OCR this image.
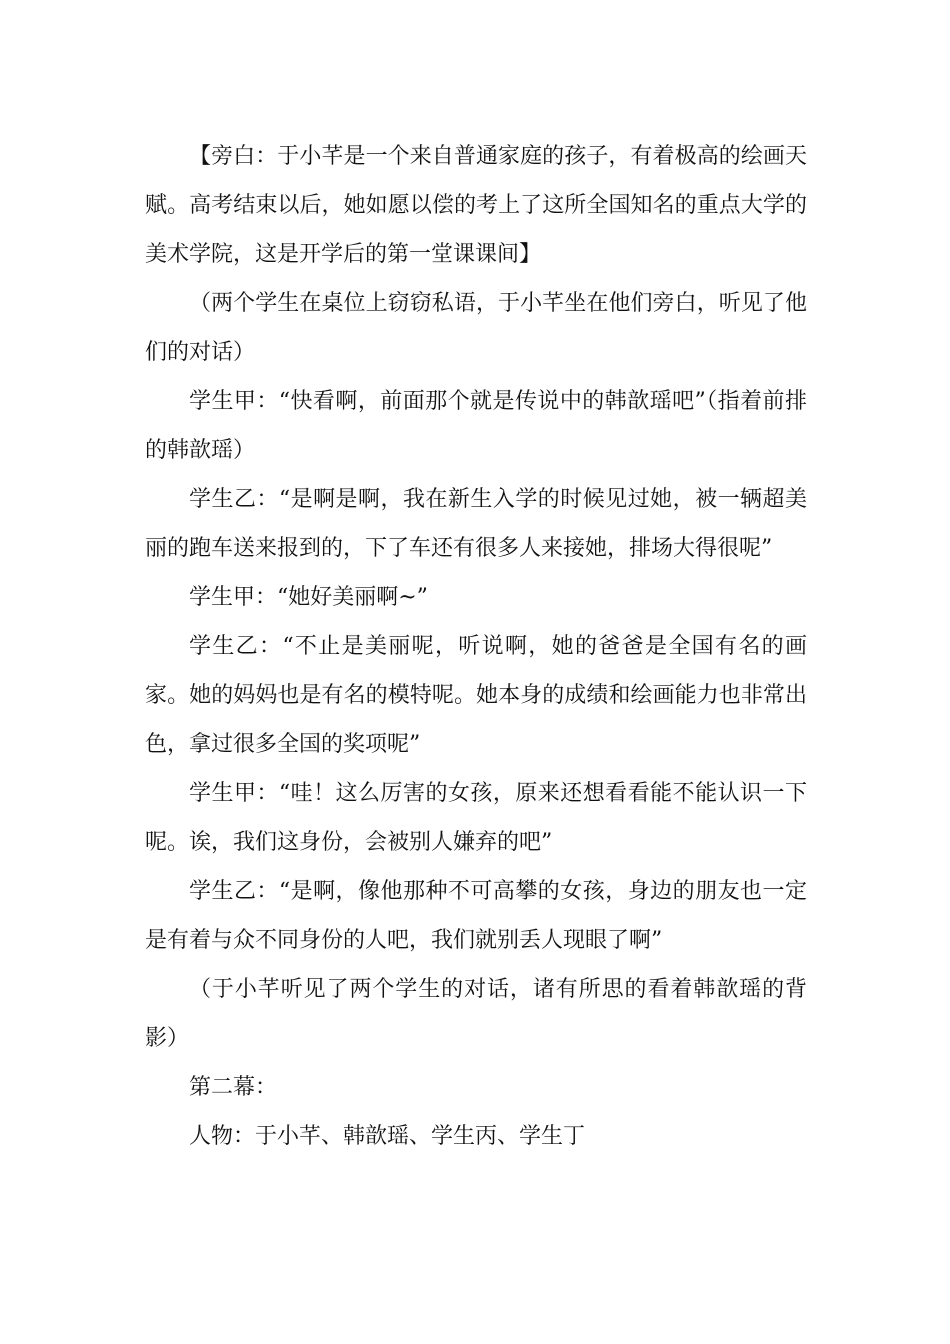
【旁白：于小芊是一个来自普通家庭的孩子，有着极高的绘画天赋。高考结束以后，她如愿以偿的考上了这所全国知名的重点大学的美术学院，这是开学后的第一堂课课间】

（两个学生在桌位上窃窃私语，于小芊坐在他们旁白，听见了他们的对话）

学生甲：“快看啊，前面那个就是传说中的韩歆瑶吧”（指着前排的韩歆瑶）

学生乙：“是啊是啊，我在新生入学的时候见过她，被一辆超美丽的跑车送来报到的，下了车还有很多人来接她，排场大得很呢”

学生甲：“她好美丽啊~”

学生乙：“不止是美丽呢，听说啊，她的爸爸是全国有名的画家。她的妈妈也是有名的模特呢。她本身的成绩和绘画能力也非常出色，拿过很多全国的奖项呢”

学生甲：“哇！这么厉害的女孩，原来还想看看能不能认识一下呢。诶，我们这身份，会被别人嫌弃的吧”

学生乙：“是啊，像他那种不可高攀的女孩，身边的朋友也一定是有着与众不同身份的人吧，我们就别丢人现眼了啊”

（于小芊听见了两个学生的对话，诸有所思的看着韩歆瑶的背影）

第二幕：

人物：于小芊、韩歆瑶、学生丙、学生丁
